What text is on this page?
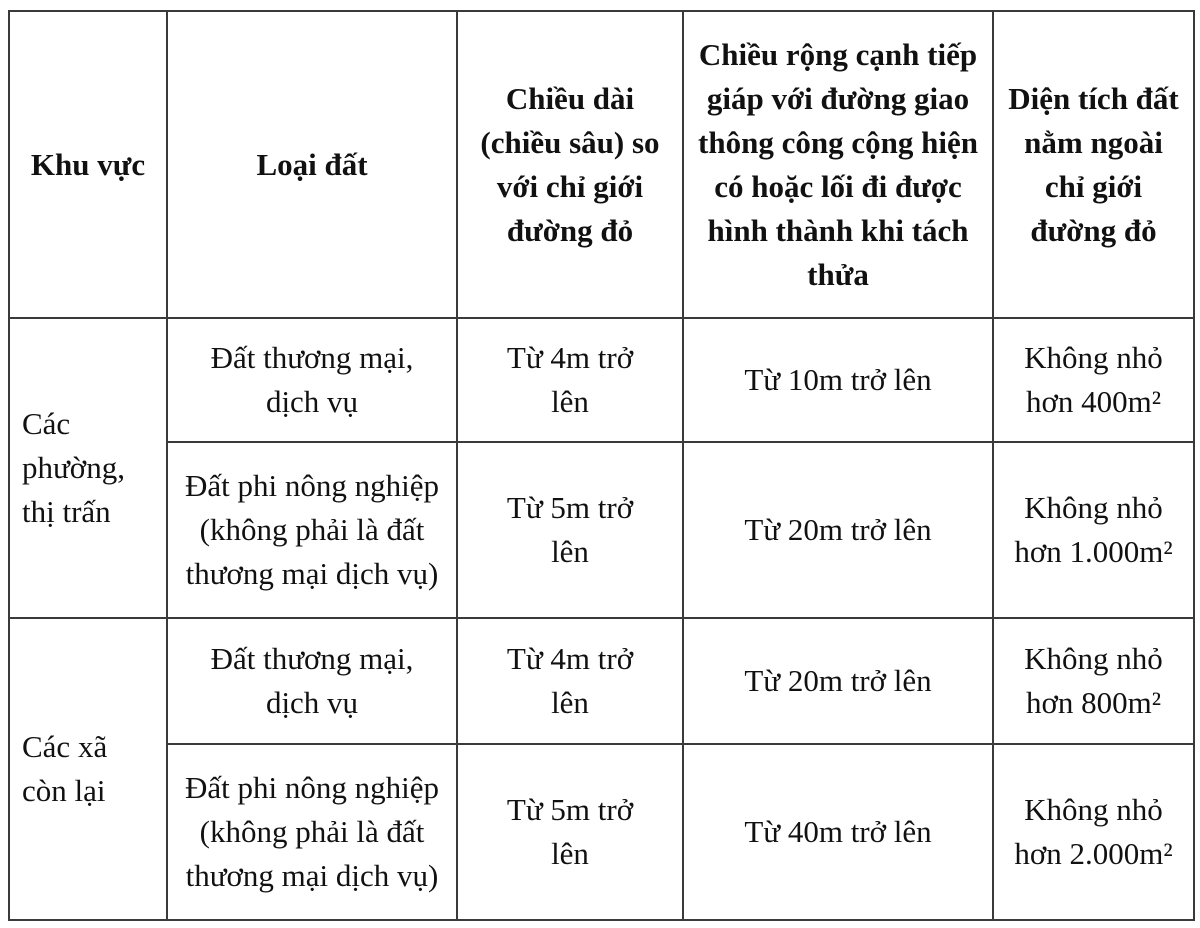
Khu vực	Loại đất	Chiều dài (chiều sâu) so với chỉ giới đường đỏ	Chiều rộng cạnh tiếp giáp với đường giao thông công cộng hiện có hoặc lối đi được hình thành khi tách thửa	Diện tích đất nằm ngoài chỉ giới đường đỏ
Các phường, thị trấn	Đất thương mại, dịch vụ	Từ 4m trở lên	Từ 10m trở lên	Không nhỏ hơn 400m²
	Đất phi nông nghiệp (không phải là đất thương mại dịch vụ)	Từ 5m trở lên	Từ 20m trở lên	Không nhỏ hơn 1.000m²
Các xã còn lại	Đất thương mại, dịch vụ	Từ 4m trở lên	Từ 20m trở lên	Không nhỏ hơn 800m²
	Đất phi nông nghiệp (không phải là đất thương mại dịch vụ)	Từ 5m trở lên	Từ 40m trở lên	Không nhỏ hơn 2.000m²
